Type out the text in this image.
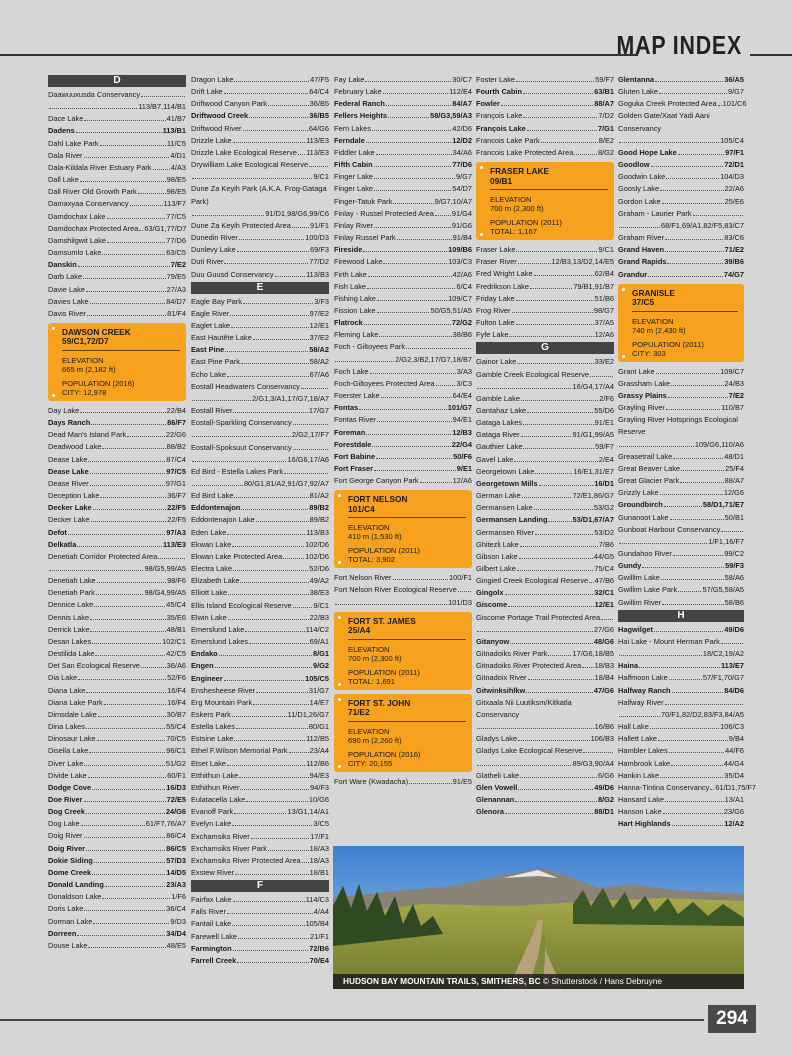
MAP INDEX
D
Daawuuxusda Conservancy
113/B7,114/B1
Dace Lake	41/B7
Dadens	113/B1
Dahl Lake Park	11/C5
Dala River	4/D1
Dala-Kildala River Estuary Park	4/A3
Dall Lake	98/E5
Dall River Old Growth Park	98/E5
Damaxyaa Conservancy	113/F7
Damdochax Lake	77/C5
Damdochax Protected Area 63/G1,77/D7
Damshilgwit Lake	77/D6
Damsumlo Lake	63/C5
Danskin	7/E2
Darb Lake	79/E5
Davie Lake	27/A3
Davies Lake	84/D7
Davis River	81/F4
DAWSON CREEK
59/C1,72/D7
ELEVATION
665 m (2,182 ft)
POPULATION (2016)
CITY: 12,978
Day Lake	22/B4
Days Ranch	86/F7
Dead Man's Island Park	22/G6
Deadwood Lake	88/B2
Dease Lake	87/C4
Dease Lake	97/C5
Dease River	97/G1
Deception Lake	36/F7
Decker Lake	22/F5
Decker Lake	22/F5
Defot	97/A3
Delkatla	113/E3
Denetiah Corridor Protected Area
98/G5,99/A5
Denetiah Lake	98/F6
Denetiah Park	98/G4,99/A5
Dennice Lake	45/C4
Dennis Lake	35/E6
Derrick Lake	48/B1
Desan Lakes	102/C1
Destilida Lake	42/C5
Det San Ecological Reserve	36/A6
Dia Lake	52/F6
Diana Lake	16/F4
Diana Lake Park	16/F4
Dimsdale Lake	30/B7
Dina Lakes	55/C4
Dinosaur Lake	70/C5
Disella Lake	96/C1
Diver Lake	51/G2
Divide Lake	60/F1
Dodge Cove	16/D3
Doe River	72/E5
Dog Creek	24/G6
Dog Lake	61/F7,76/A7
Doig River	86/C4
Doig River	86/C5
Dokie Siding	57/D3
Dome Creek	14/D5
Donald Landing	23/A3
Donaldson Lake	1/F6
Doris Lake	36/C4
Dorman Lake	9/D3
Dorreen	34/D4
Douse Lake	48/E5
Dragon Lake	47/F5
Drift Lake	64/C4
Driftwood Canyon Park	36/B5
Driftwood Creek	36/B5
Driftwood River	64/G6
Drizzle Lake	113/E3
Drizzle Lake Ecological Reserve 113/E3
Drywilliam Lake Ecological Reserve
9/C1
Dune Za Keyih Park (A.K.A. Frog-Gataga Park)
91/D1,98/G6,99/C6
Dune Za Keyih Protected Area	91/F1
Dunedin River	100/D3
Dunlevy Lake	69/F3
Duti River	77/D2
Duu Guusd Conservancy	113/B3
E
Eagle Bay Park	3/F3
Eagle River	97/E2
Eaglet Lake	12/E1
East Hautête Lake	37/E2
East Pine	58/A2
East Pine Park	58/A2
Echo Lake	67/A6
Eostall Headwaters Conservancy
2/G1,3/A1,17/G7,18/A7
Eostall River	17/G7
Eostall-Sparkling Conservancy
2/G2,17/F7
Eostall-Spoksuut Conservancy
16/G6,17/A6
Ed Bird - Estella Lakes Park
80/G1,81/A2,91/G7,92/A7
Ed Bird Lake	81/A2
Eddontenajon	89/B2
Eddontenajon Lake	89/B2
Eden Lake	113/B3
Ekwan Lake	102/D6
Ekwan Lake Protected Area	102/D6
Electra Lake	52/D6
Elizabeth Lake	49/A2
Elliott Lake	38/E3
Ellis Island Ecological Reserve	9/C1
Elwin Lake	22/B3
Emerslund Lake	114/C2
Emerslund Lakes	69/A1
Endako	8/G1
Engen	9/G2
Engineer	105/C5
Enshesheese River	31/G7
Erg Mountain Park	14/E7
Eskers Park	11/D1,26/G7
Estella Lakes	80/G1
Estsine Lake	112/B5
Ethel F.Wilson Memorial Park	23/A4
Etset Lake	112/B6
Etthithun Lake	94/E3
Etthithun River	94/F3
Eulatacella Lake	10/G6
Evanoff Park	13/G1,14/A1
Evelyn Lake	3/C5
Exchamsiks River	17/F1
Exchamsiks River Park	18/A3
Exchamsiks River Protected Area 18/A3
Exstew River	18/B1
F
Fairfax Lake	114/C3
Falls River	4/A4
Fantail Lake	105/B4
Farewell Lake	21/F1
Farmington	72/B6
Farrell Creek	70/E4
Fay Lake	30/C7
February Lake	112/E4
Federal Ranch	84/A7
Fellers Heights	58/G3,59/A3
Fern Lakes	42/D6
Ferndale	12/D2
Fiddler Lake	34/A6
Fifth Cabin	77/D6
Finger Lake	9/G7
Finger Lake	54/D7
Finger-Tatuk Park	9/G7,10/A7
Finlay - Russel Protected Area 91/G4
Finlay River	91/G6
Finlay Russel Park	91/B4
Fireside	109/B6
Firewood Lake	103/C3
Firth Lake	42/A6
Fish Lake	6/C4
Fishing Lake	109/C7
Fission Lake	50/G5,51/A5
Flatrock	72/G2
Fleming Lake	38/B6
Foch - Giltoyees Park
2/G2,3/B2,17/G7,18/B7
Foch Lake	3/A3
Foch-Giltoyees Protected Area	3/C3
Foerster Lake	64/E4
Fontas	101/G7
Fontas River	94/E1
Foreman	12/B3
Forestdale	22/G4
Fort Babine	50/F6
Fort Fraser	9/E1
Fort George Canyon Park	12/A6
FORT NELSON
101/C4
ELEVATION
410 m (1,530 ft)
POPULATION (2011)
TOTAL: 3,902
Fort Nelson River	100/F1
Fort Nelson River Ecological Reserve
101/D3
FORT ST. JAMES
25/A4
ELEVATION
700 m (2,300 ft)
POPULATION (2011)
TOTAL: 1,691
FORT ST. JOHN
71/E2
ELEVATION
690 m (2,260 ft)
POPULATION (2016)
CITY: 20,155
Fort Ware (Kwadacha)	91/E5
Foster Lake	59/F7
Fourth Cabin	63/B1
Fowler	88/A7
François Lake	7/D2
François Lake	7/G1
Francois Lake Park	8/E2
Francois Lake Protected Area	8/G2
FRASER LAKE
09/B1
ELEVATION
700 m (2,300 ft)
POPULATION (2011)
TOTAL: 1,167
Fraser Lake	9/C1
Fraser River	12/B3,13/D2,14/E5
Fred Wright Lake	62/B4
Fredrikson Lake	79/B1,91/B7
Friday Lake	51/B6
Frog River	98/G7
Fulton Lake	37/A5
Fyfe Lake	12/A6
G
Gainor Lake	33/E2
Gamble Creek Ecological Reserve
16/G4,17/A4
Gamble Lake	2/F6
Gantahaz Lake	55/D6
Gataga Lakes	91/E1
Gataga River	91/G1,99/A5
Gauthier Lake	59/F7
Gavel Lake	2/E4
Georgetown Lake	16/E1,31/E7
Georgetown Mills	16/D1
German Lake	72/E1,86/G7
Germansen Lake	53/G2
Germansen Landing	53/D1,67/A7
Germansen River	53/D2
Ghitezli Lake	7/B6
Gibson Lake	44/G5
Gilbert Lake	75/C4
Gingietl Creek Ecological Reserve 47/B6
Gingolx	32/C1
Giscome	12/E1
Giscome Portage Trail Protected Area
27/G6
Gitanyow	48/G6
Gitnadoiks River Park	17/G6,18/B5
Gitnadoiks River Protected Area 18/B3
Gitnadoix River	18/B4
Gitwinksihlkw	47/G6
Gitxaala Nii Luutiksm/Kitkatla Conservancy
16/B6
Gladys Lake	106/B3
Gladys Lake Ecological Reserve
89/G3,90/A4
Glatheli Lake	6/G6
Glen Vowell	49/D6
Glenannan	8/G2
Glenora	88/D1
Glentanna	36/A5
Gluten Lake	9/G7
Goguka Creek Protected Area 101/C6
Golden Gate/Xaat Yadi Aani Conservancy
105/C4
Good Hope Lake	97/F1
Goodlow	72/D1
Goodwin Lake	104/D3
Goosly Lake	22/A6
Gordon Lake	25/E6
Graham - Laurier Park
68/F1,69/A1,82/F5,83/C7
Graham River	83/C6
Grand Haven	71/E2
Grand Rapids	39/B6
Grandur	74/G7
GRANISLE
37/C5
ELEVATION
740 m (2,430 ft)
POPULATION (2011)
CITY: 303
Grant Lake	109/C7
Grassham Lake	24/B3
Grassy Plains	7/E2
Grayling River	110/B7
Grayling River Hotsprings Ecological Reserve
109/G6,110/A6
Greasetrail Lake	48/D1
Great Beaver Lake	25/F4
Great Glacier Park	88/A7
Grizzly Lake	12/G6
Groundbirch	58/D1,71/E7
Gunanoot Lake	50/B1
Gunboat Harbour Conservancy
1/F1,16/F7
Gundahoo River	99/C2
Gundy	59/F3
Gwillim Lake	58/A6
Gwillim Lake Park	57/G5,58/A5
Gwillim River	58/B6
H
Hagwilget	49/D6
Hai Lake - Mount Herman Park
18/C2,19/A2
Haina	113/E7
Halfmoon Lake	57/F1,70/G7
Halfway Ranch	84/D6
Halfway River
70/F1,82/D2,83/F3,84/A5
Hall Lake	106/C3
Hallett Lake	9/B4
Hambler Lakes	44/F6
Hambrook Lake	44/G4
Hankin Lake	35/D4
Hanna-Tintina Conservancy 61/D1,75/F7
Hansard Lake	13/A1
Hanson Lake	23/G6
Hart Highlands	12/A2
HUDSON BAY MOUNTAIN TRAILS, SMITHERS, BC © Shutterstock / Hans Debruyne
294
